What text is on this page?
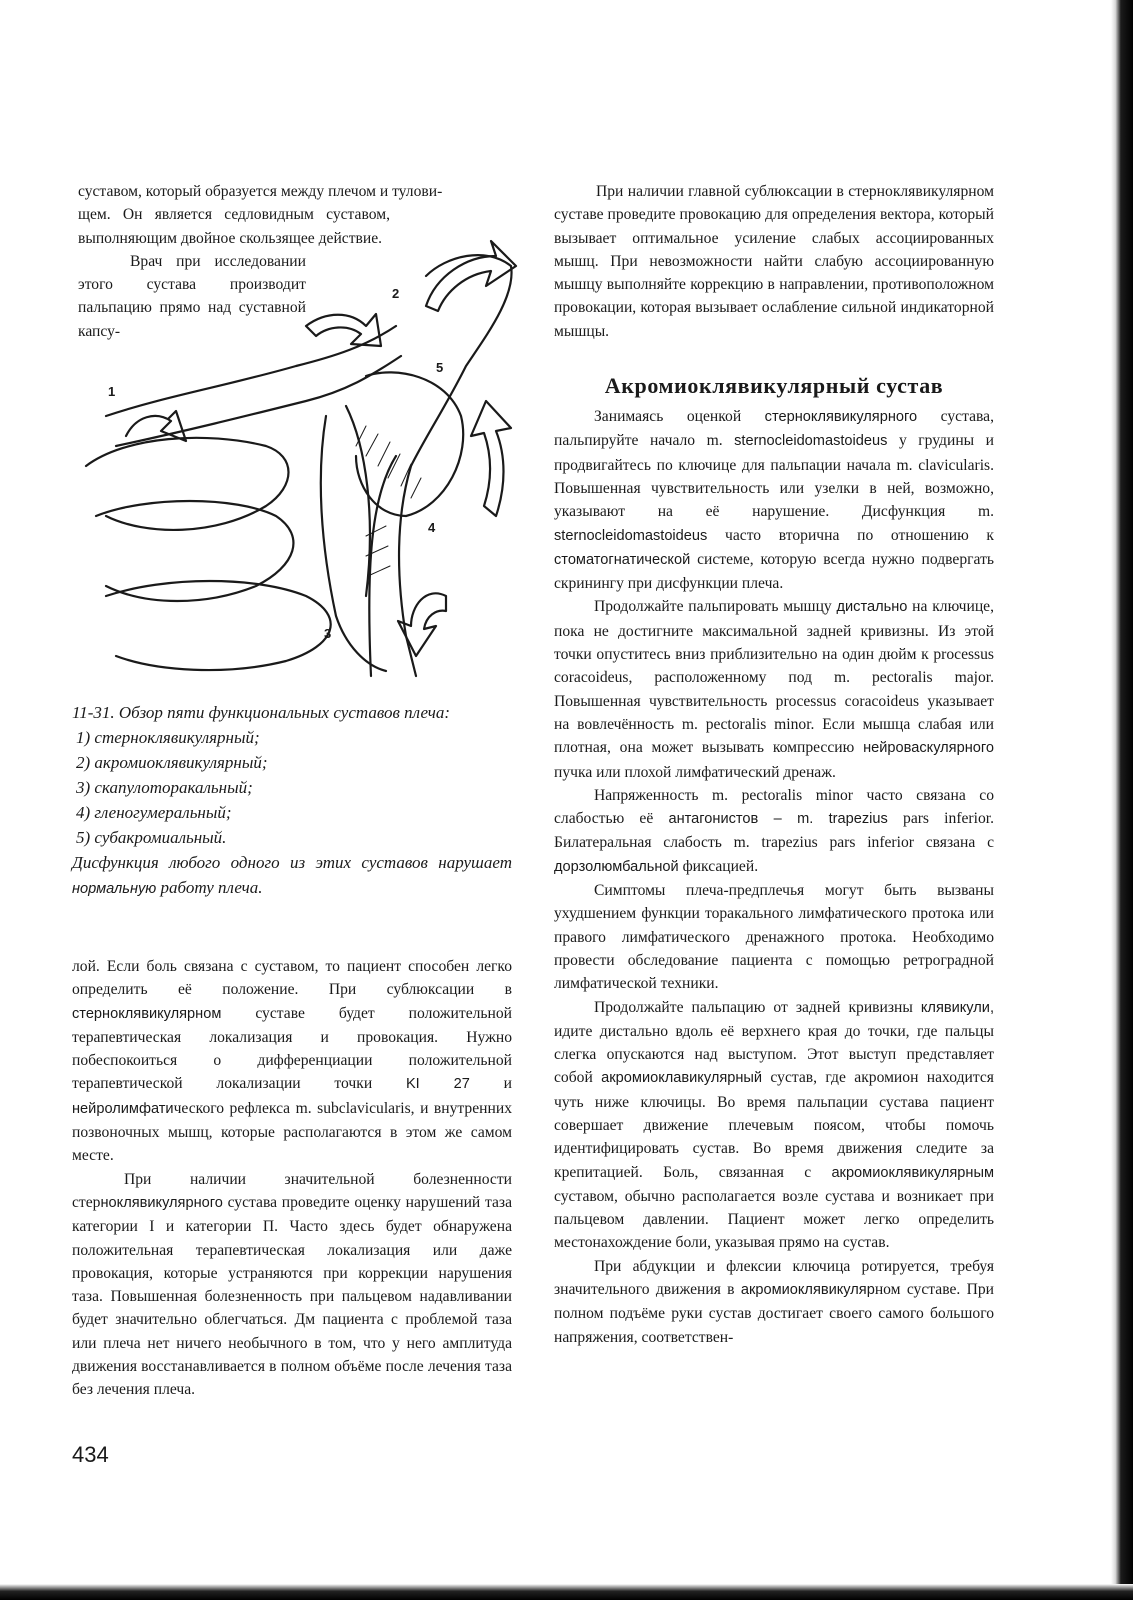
суставом, который образуется между плечом и тулови-

щем. Он является седловидным суставом, выполняющим двойное скользящее действие.

Врач при исследовании этого сустава производит пальпацию прямо над суставной капсу-

1
2
3
4
5
11-31. Обзор пяти функциональных суставов плеча:
1) стерноклявикулярный;
2) акромиоклявикулярный;
3) скапулоторакальный;
4) гленогумеральный;
5) субакромиальный.
Дисфункция любого одного из этих суставов нарушает нормальную работу плеча.

лой. Если боль связана с суставом, то пациент способен легко определить её положение. При сублюксации в стерноклявикулярном суставе будет положительной терапевтическая локализация и провокация. Нужно побеспокоиться о дифференциации положительной терапевтической локализации точки KI 27 и нейролимфатического рефлекса m. subclavicularis, и внутренних позвоночных мышц, которые располагаются в этом же самом месте.

При наличии значительной болезненности стерноклявикулярного сустава проведите оценку нарушений таза категории I и категории П. Часто здесь будет обнаружена положительная терапевтическая локализация или даже провокация, которые устраняются при коррекции нарушения таза. Повышенная болезненность при пальцевом надавливании будет значительно облегчаться. Дм пациента с проблемой таза или плеча нет ничего необычного в том, что у него амплитуда движения восстанавливается в полном объёме после лечения таза без лечения плеча.

При наличии главной сублюксации в стерноклявикулярном суставе проведите провокацию для определения вектора, который вызывает оптимальное усиление слабых ассоциированных мышц. При невозможности найти слабую ассоциированную мышцу выполняйте коррекцию в направлении, противоположном провокации, которая вызывает ослабление сильной индикаторной мышцы.

Акромиоклявикулярный сустав

Занимаясь оценкой стерноклявикулярного сустава, пальпируйте начало m. sternocleidomastoideus у грудины и продвигайтесь по ключице для пальпации начала m. clavicularis. Повышенная чувствительность или узелки в ней, возможно, указывают на её нарушение. Дисфункция m. sternocleidomastoideus часто вторична по отношению к стоматогнатической системе, которую всегда нужно подвергать скринингу при дисфункции плеча.

Продолжайте пальпировать мышцу дистально на ключице, пока не достигните максимальной задней кривизны. Из этой точки опуститесь вниз приблизительно на один дюйм к processus coracoideus, расположенному под m. pectoralis major. Повышенная чувствительность processus coracoideus указывает на вовлечённость m. pectoralis minor. Если мышца слабая или плотная, она может вызывать компрессию нейроваскулярного пучка или плохой лимфатический дренаж.

Напряженность m. pectoralis minor часто связана со слабостью её антагонистов – m. trapezius pars inferior. Билатеральная слабость m. trapezius pars inferior связана с дорзолюмбальной фиксацией.

Симптомы плеча-предплечья могут быть вызваны ухудшением функции торакального лимфатического протока или правого лимфатического дренажного протока. Необходимо провести обследование пациента с помощью ретроградной лимфатической техники.

Продолжайте пальпацию от задней кривизны клявикули, идите дистально вдоль её верхнего края до точки, где пальцы слегка опускаются над выступом. Этот выступ представляет собой акромиоклавикулярный сустав, где акромион находится чуть ниже ключицы. Во время пальпации сустава пациент совершает движение плечевым поясом, чтобы помочь идентифицировать сустав. Во время движения следите за крепитацией. Боль, связанная с акромиоклявикулярным суставом, обычно располагается возле сустава и возникает при пальцевом давлении. Пациент может легко определить местонахождение боли, указывая прямо на сустав.

При абдукции и флексии ключица ротируется, требуя значительного движения в акромиоклявикулярном суставе. При полном подъёме руки сустав достигает своего самого большого напряжения, соответствен-

434
